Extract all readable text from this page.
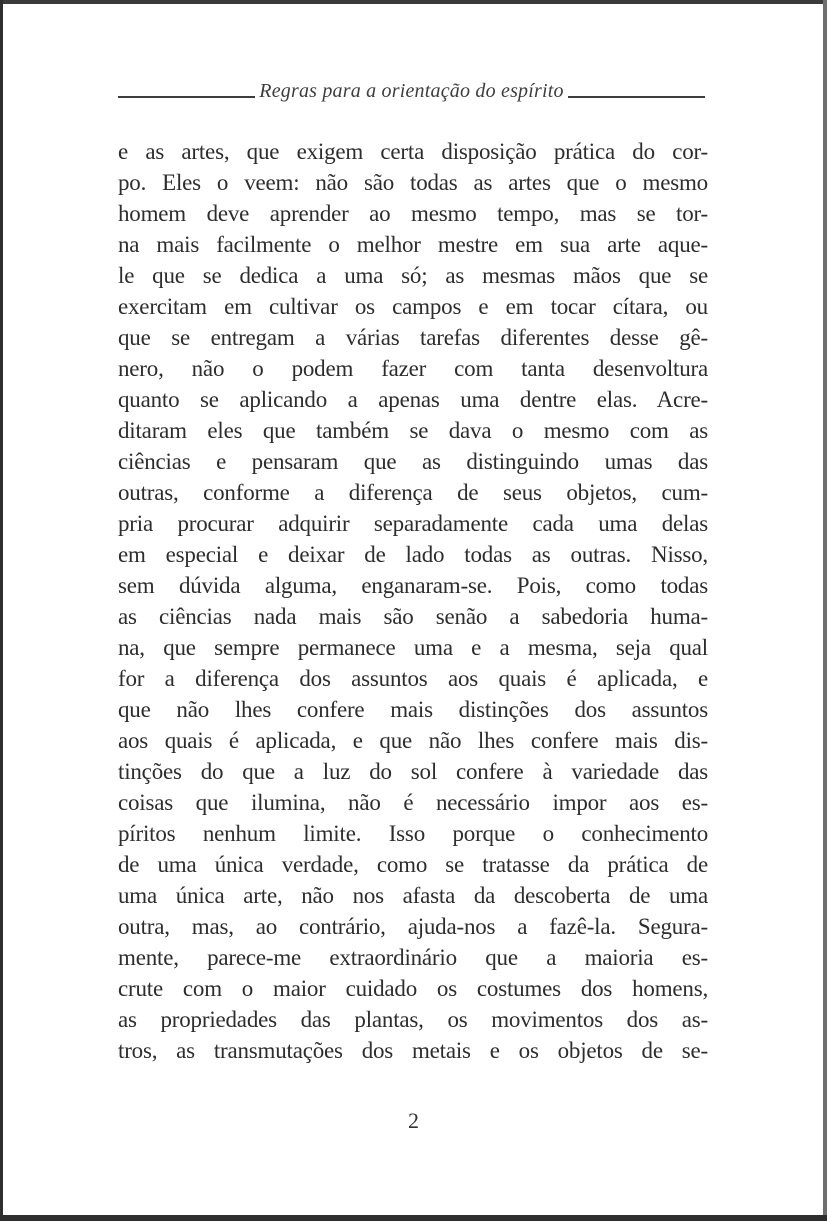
Regras para a orientação do espírito
e as artes, que exigem certa disposição prática do cor-
po. Eles o veem: não são todas as artes que o mesmo
homem deve aprender ao mesmo tempo, mas se tor-
na mais facilmente o melhor mestre em sua arte aque-
le que se dedica a uma só; as mesmas mãos que se
exercitam em cultivar os campos e em tocar cítara, ou
que se entregam a várias tarefas diferentes desse gê-
nero, não o podem fazer com tanta desenvoltura
quanto se aplicando a apenas uma dentre elas. Acre-
ditaram eles que também se dava o mesmo com as
ciências e pensaram que as distinguindo umas das
outras, conforme a diferença de seus objetos, cum-
pria procurar adquirir separadamente cada uma delas
em especial e deixar de lado todas as outras. Nisso,
sem dúvida alguma, enganaram-se. Pois, como todas
as ciências nada mais são senão a sabedoria huma-
na, que sempre permanece uma e a mesma, seja qual
for a diferença dos assuntos aos quais é aplicada, e
que não lhes confere mais distinções dos assuntos
aos quais é aplicada, e que não lhes confere mais dis-
tinções do que a luz do sol confere à variedade das
coisas que ilumina, não é necessário impor aos es-
píritos nenhum limite. Isso porque o conhecimento
de uma única verdade, como se tratasse da prática de
uma única arte, não nos afasta da descoberta de uma
outra, mas, ao contrário, ajuda-nos a fazê-la. Segura-
mente, parece-me extraordinário que a maioria es-
crute com o maior cuidado os costumes dos homens,
as propriedades das plantas, os movimentos dos as-
tros, as transmutações dos metais e os objetos de se-
2
